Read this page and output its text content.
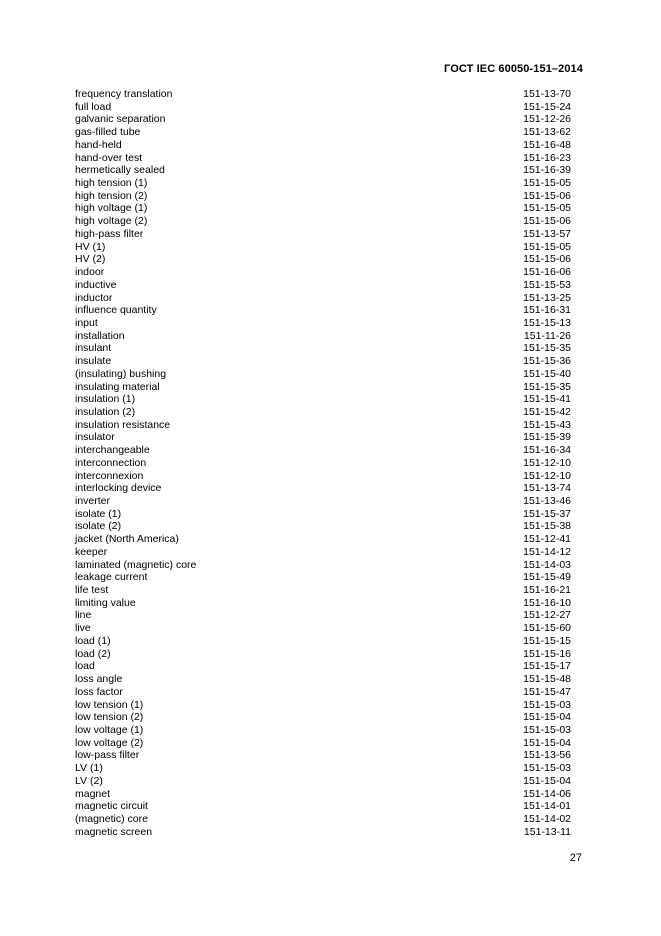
ГОСТ IEC 60050-151–2014
frequency translation	151-13-70
full load	151-15-24
galvanic separation	151-12-26
gas-filled tube	151-13-62
hand-held	151-16-48
hand-over test	151-16-23
hermetically sealed	151-16-39
high tension (1)	151-15-05
high tension (2)	151-15-06
high voltage (1)	151-15-05
high voltage (2)	151-15-06
high-pass filter	151-13-57
HV (1)	151-15-05
HV (2)	151-15-06
indoor	151-16-06
inductive	151-15-53
inductor	151-13-25
influence quantity	151-16-31
input	151-15-13
installation	151-11-26
insulant	151-15-35
insulate	151-15-36
(insulating) bushing	151-15-40
insulating material	151-15-35
insulation (1)	151-15-41
insulation (2)	151-15-42
insulation resistance	151-15-43
insulator	151-15-39
interchangeable	151-16-34
interconnection	151-12-10
interconnexion	151-12-10
interlocking device	151-13-74
inverter	151-13-46
isolate (1)	151-15-37
isolate (2)	151-15-38
jacket (North America)	151-12-41
keeper	151-14-12
laminated (magnetic) core	151-14-03
leakage current	151-15-49
life test	151-16-21
limiting value	151-16-10
line	151-12-27
live	151-15-60
load (1)	151-15-15
load (2)	151-15-16
load	151-15-17
loss angle	151-15-48
loss factor	151-15-47
low tension (1)	151-15-03
low tension (2)	151-15-04
low voltage (1)	151-15-03
low voltage (2)	151-15-04
low-pass filter	151-13-56
LV (1)	151-15-03
LV (2)	151-15-04
magnet	151-14-06
magnetic circuit	151-14-01
(magnetic) core	151-14-02
magnetic screen	151-13-11
27
